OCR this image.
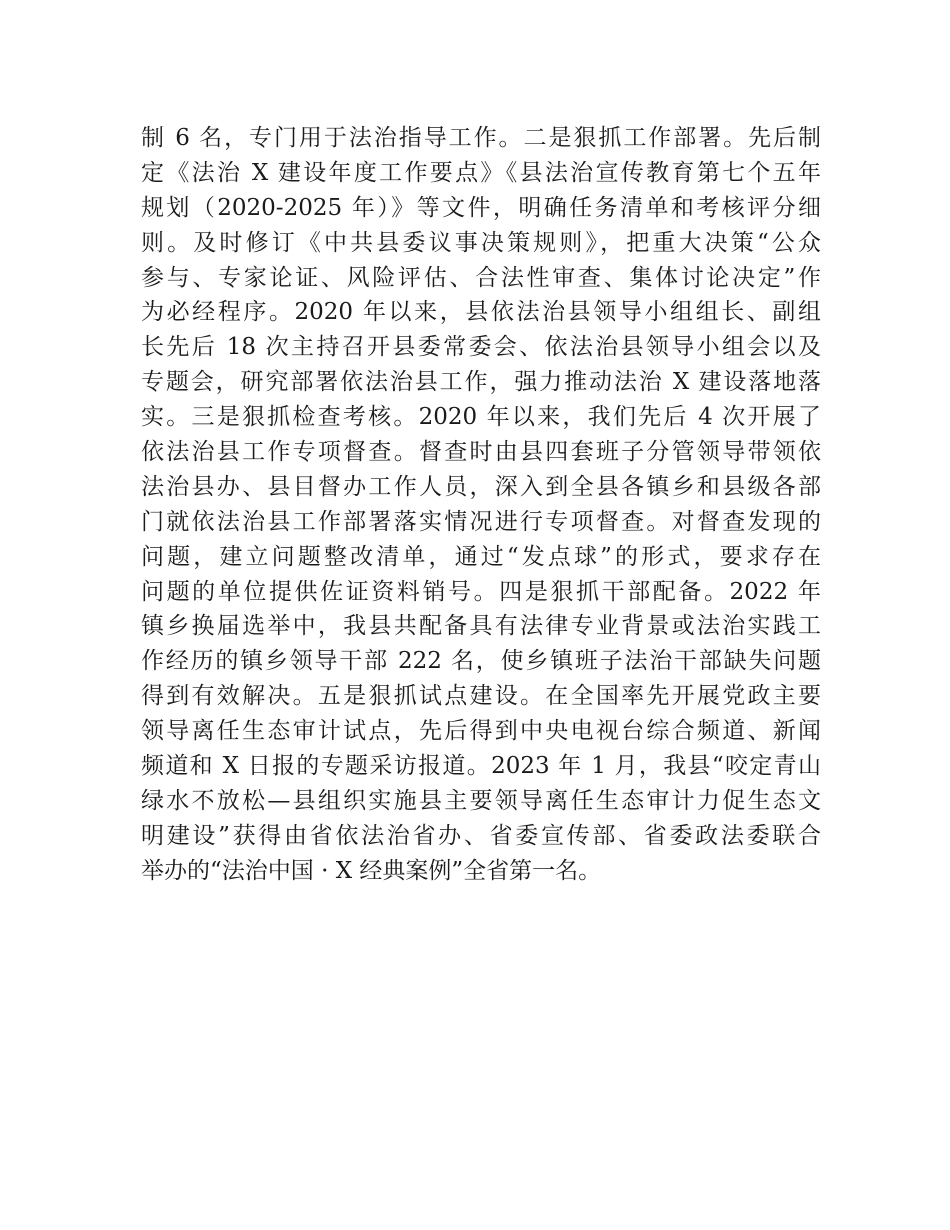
制 6 名，专门用于法治指导工作。二是狠抓工作部署。先后制
定《法治 X 建设年度工作要点》《县法治宣传教育第七个五年
规划（2020-2025 年）》等文件，明确任务清单和考核评分细
则。及时修订《中共县委议事决策规则》，把重大决策“公众
参与、专家论证、风险评估、合法性审查、集体讨论决定”作
为必经程序。2020 年以来，县依法治县领导小组组长、副组
长先后 18 次主持召开县委常委会、依法治县领导小组会以及
专题会，研究部署依法治县工作，强力推动法治 X 建设落地落
实。三是狠抓检查考核。2020 年以来，我们先后 4 次开展了
依法治县工作专项督查。督查时由县四套班子分管领导带领依
法治县办、县目督办工作人员，深入到全县各镇乡和县级各部
门就依法治县工作部署落实情况进行专项督查。对督查发现的
问题，建立问题整改清单，通过“发点球”的形式，要求存在
问题的单位提供佐证资料销号。四是狠抓干部配备。2022 年
镇乡换届选举中，我县共配备具有法律专业背景或法治实践工
作经历的镇乡领导干部 222 名，使乡镇班子法治干部缺失问题
得到有效解决。五是狠抓试点建设。在全国率先开展党政主要
领导离任生态审计试点，先后得到中央电视台综合频道、新闻
频道和 X 日报的专题采访报道。2023 年 1 月，我县“咬定青山
绿水不放松—县组织实施县主要领导离任生态审计力促生态文
明建设”获得由省依法治省办、省委宣传部、省委政法委联合
举办的“法治中国 · X 经典案例”全省第一名。
